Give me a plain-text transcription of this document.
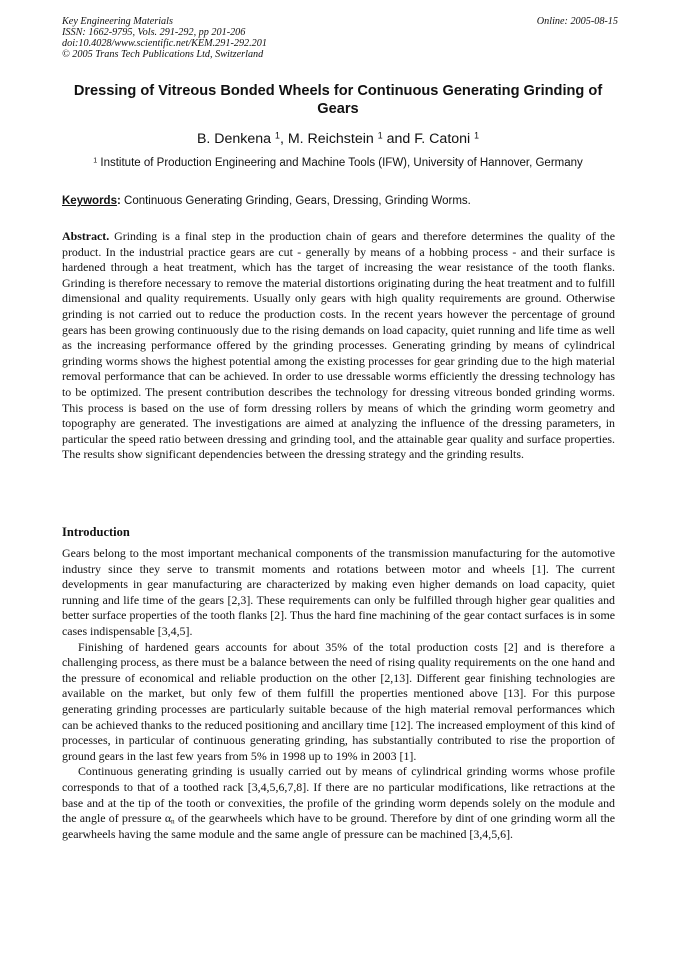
Key Engineering Materials
ISSN: 1662-9795, Vols. 291-292, pp 201-206
doi:10.4028/www.scientific.net/KEM.291-292.201
© 2005 Trans Tech Publications Ltd, Switzerland
Online: 2005-08-15
Dressing of Vitreous Bonded Wheels for Continuous Generating Grinding of Gears
B. Denkena $^1$, M. Reichstein $^1$ and F. Catoni $^1$
$^1$ Institute of Production Engineering and Machine Tools (IFW), University of Hannover, Germany
Keywords: Continuous Generating Grinding, Gears, Dressing, Grinding Worms.

Abstract. Grinding is a final step in the production chain of gears and therefore determines the quality of the product. In the industrial practice gears are cut - generally by means of a hobbing process - and their surface is hardened through a heat treatment, which has the target of increasing the wear resistance of the tooth flanks. Grinding is therefore necessary to remove the material distortions originating during the heat treatment and to fulfill dimensional and quality requirements. Usually only gears with high quality requirements are ground. Otherwise grinding is not carried out to reduce the production costs. In the recent years however the percentage of ground gears has been growing continuously due to the rising demands on load capacity, quiet running and life time as well as the increasing performance offered by the grinding processes. Generating grinding by means of cylindrical grinding worms shows the highest potential among the existing processes for gear grinding due to the high material removal performance that can be achieved. In order to use dressable worms efficiently the dressing technology has to be optimized. The present contribution describes the technology for dressing vitreous bonded grinding worms. This process is based on the use of form dressing rollers by means of which the grinding worm geometry and topography are generated. The investigations are aimed at analyzing the influence of the dressing parameters, in particular the speed ratio between dressing and grinding tool, and the attainable gear quality and surface properties. The results show significant dependencies between the dressing strategy and the grinding results.

Introduction

Gears belong to the most important mechanical components of the transmission manufacturing for the automotive industry since they serve to transmit moments and rotations between motor and wheels [1]. The current developments in gear manufacturing are characterized by making even higher demands on load capacity, quiet running and life time of the gears [2,3]. These requirements can only be fulfilled through higher gear qualities and better surface properties of the tooth flanks [2]. Thus the hard fine machining of the gear contact surfaces is in some cases indispensable [3,4,5].

Finishing of hardened gears accounts for about 35% of the total production costs [2] and is therefore a challenging process, as there must be a balance between the need of rising quality requirements on the one hand and the pressure of economical and reliable production on the other [2,13]. Different gear finishing technologies are available on the market, but only few of them fulfill the properties mentioned above [13]. For this purpose generating grinding processes are particularly suitable because of the high material removal performances which can be achieved thanks to the reduced positioning and ancillary time [12]. The increased employment of this kind of processes, in particular of continuous generating grinding, has substantially contributed to rise the proportion of ground gears in the last few years from 5% in 1998 up to 19% in 2003 [1].

Continuous generating grinding is usually carried out by means of cylindrical grinding worms whose profile corresponds to that of a toothed rack [3,4,5,6,7,8]. If there are no particular modifications, like retractions at the base and at the tip of the tooth or convexities, the profile of the grinding worm depends solely on the module and the angle of pressure $\alpha_n$ of the gearwheels which have to be ground. Therefore by dint of one grinding worm all the gearwheels having the same module and the same angle of pressure can be machined [3,4,5,6].
